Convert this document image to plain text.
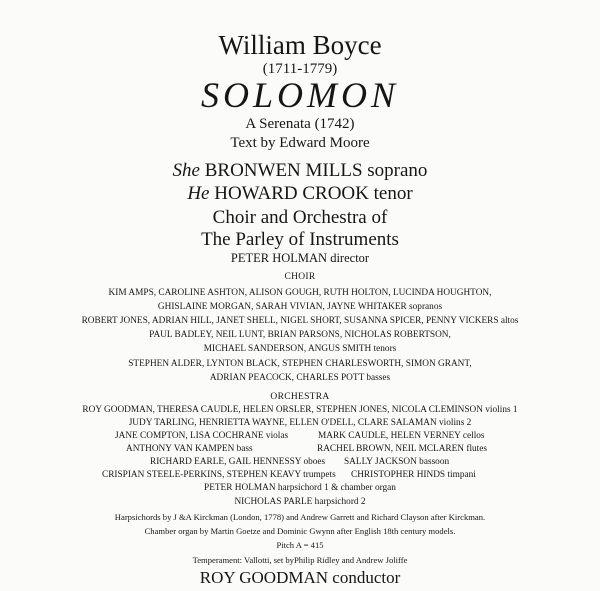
William Boyce
(1711-1779)
SOLOMON
A Serenata (1742)
Text by Edward Moore
She BRONWEN MILLS soprano
He HOWARD CROOK tenor
Choir and Orchestra of
The Parley of Instruments
PETER HOLMAN director
CHOIR
KIM AMPS, CAROLINE ASHTON, ALISON GOUGH, RUTH HOLTON, LUCINDA HOUGHTON,
GHISLAINE MORGAN, SARAH VIVIAN, JAYNE WHITAKER sopranos
ROBERT JONES, ADRIAN HILL, JANET SHELL, NIGEL SHORT, SUSANNA SPICER, PENNY VICKERS altos
PAUL BADLEY, NEIL LUNT, BRIAN PARSONS, NICHOLAS ROBERTSON,
MICHAEL SANDERSON, ANGUS SMITH tenors
STEPHEN ALDER, LYNTON BLACK, STEPHEN CHARLESWORTH, SIMON GRANT,
ADRIAN PEACOCK, CHARLES POTT basses
ORCHESTRA
ROY GOODMAN, THERESA CAUDLE, HELEN ORSLER, STEPHEN JONES, NICOLA CLEMINSON violins 1
JUDY TARLING, HENRIETTA WAYNE, ELLEN O'DELL, CLARE SALAMAN violins 2
JANE COMPTON, LISA COCHRANE violas	MARK CAUDLE, HELEN VERNEY cellos
ANTHONY VAN KAMPEN bass	RACHEL BROWN, NEIL MCLAREN flutes
RICHARD EARLE, GAIL HENNESSY oboes SALLY JACKSON bassoon
CRISPIAN STEELE-PERKINS, STEPHEN KEAVY trumpets CHRISTOPHER HINDS timpani
PETER HOLMAN harpsichord 1 & chamber organ
NICHOLAS PARLE harpsichord 2
Harpsichords by J &A Kirckman (London, 1778) and Andrew Garrett and Richard Clayson after Kirckman.
Chamber organ by Martin Goetze and Dominic Gwynn after English 18th century models.
Pitch A = 415
Temperament: Vallotti, set byPhilip Ridley and Andrew Joliffe
ROY GOODMAN conductor
